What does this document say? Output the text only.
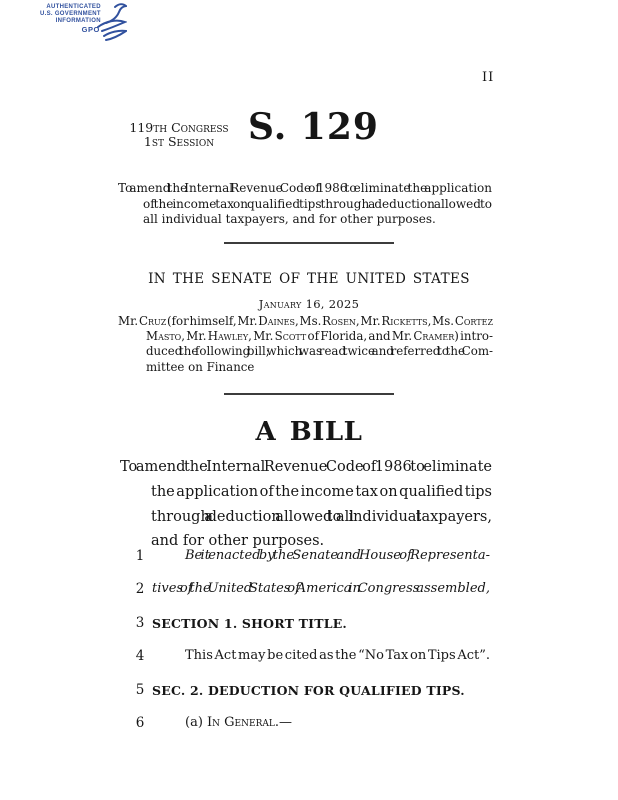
AUTHENTICATED
U.S. GOVERNMENT
INFORMATION
GPO
II
119th Congress
1st Session S. 129
To amend the Internal Revenue Code of 1986 to eliminate the application
of the income tax on qualified tips through a deduction allowed to
all individual taxpayers, and for other purposes.
IN THE SENATE OF THE UNITED STATES
January 16, 2025
Mr. Cruz (for himself, Mr. Daines, Ms. Rosen, Mr. Ricketts, Ms. Cortez
Masto, Mr. Hawley, Mr. Scott of Florida, and Mr. Cramer) intro-
duced the following bill; which was read twice and referred to the Com-
mittee on Finance
A BILL
To amend the Internal Revenue Code of 1986 to eliminate
the application of the income tax on qualified tips
through a deduction allowed to all individual taxpayers,
and for other purposes.
1	Be it enacted by the Senate and House of Representa-
2 tives of the United States of America in Congress assembled,
3 SECTION 1. SHORT TITLE.
4	This Act may be cited as the “No Tax on Tips Act”.
5 SEC. 2. DEDUCTION FOR QUALIFIED TIPS.
6	(a) In General.—
